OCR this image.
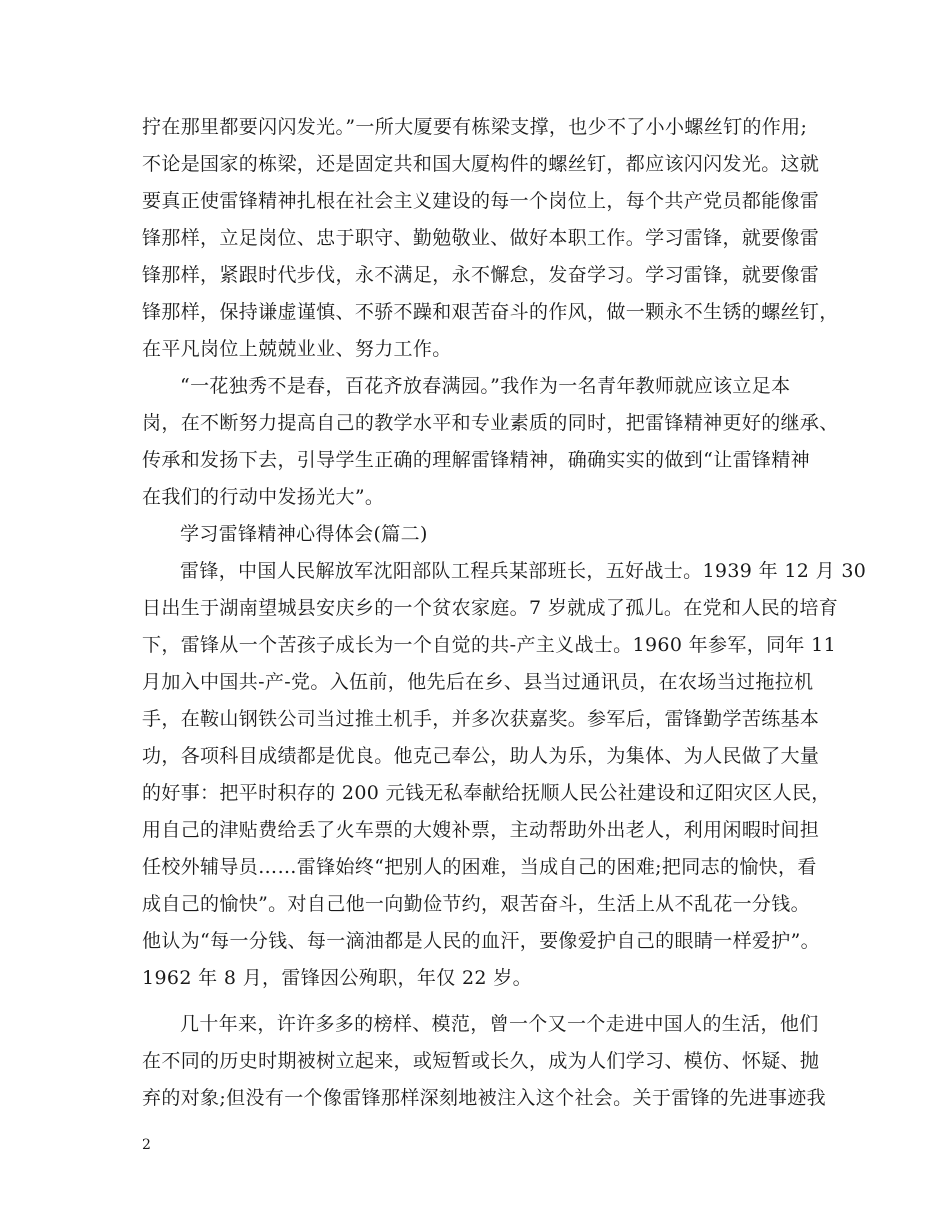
拧在那里都要闪闪发光。”一所大厦要有栋梁支撑，也少不了小小螺丝钉的作用;
不论是国家的栋梁，还是固定共和国大厦构件的螺丝钉，都应该闪闪发光。这就
要真正使雷锋精神扎根在社会主义建设的每一个岗位上，每个共产党员都能像雷
锋那样，立足岗位、忠于职守、勤勉敬业、做好本职工作。学习雷锋，就要像雷
锋那样，紧跟时代步伐，永不满足，永不懈怠，发奋学习。学习雷锋，就要像雷
锋那样，保持谦虚谨慎、不骄不躁和艰苦奋斗的作风，做一颗永不生锈的螺丝钉，
在平凡岗位上兢兢业业、努力工作。
“一花独秀不是春，百花齐放春满园。”我作为一名青年教师就应该立足本
岗，在不断努力提高自己的教学水平和专业素质的同时，把雷锋精神更好的继承、
传承和发扬下去，引导学生正确的理解雷锋精神，确确实实的做到“让雷锋精神
在我们的行动中发扬光大”。
学习雷锋精神心得体会(篇二)
雷锋，中国人民解放军沈阳部队工程兵某部班长，五好战士。1939 年 12 月 30
日出生于湖南望城县安庆乡的一个贫农家庭。7 岁就成了孤儿。在党和人民的培育
下，雷锋从一个苦孩子成长为一个自觉的共-产主义战士。1960 年参军，同年 11
月加入中国共-产-党。入伍前，他先后在乡、县当过通讯员，在农场当过拖拉机
手，在鞍山钢铁公司当过推土机手，并多次获嘉奖。参军后，雷锋勤学苦练基本
功，各项科目成绩都是优良。他克己奉公，助人为乐，为集体、为人民做了大量
的好事：把平时积存的 200 元钱无私奉献给抚顺人民公社建设和辽阳灾区人民，
用自己的津贴费给丢了火车票的大嫂补票，主动帮助外出老人，利用闲暇时间担
任校外辅导员……雷锋始终“把别人的困难，当成自己的困难;把同志的愉快，看
成自己的愉快”。对自己他一向勤俭节约，艰苦奋斗，生活上从不乱花一分钱。
他认为“每一分钱、每一滴油都是人民的血汗，要像爱护自己的眼睛一样爱护”。
1962 年 8 月，雷锋因公殉职，年仅 22 岁。
几十年来，许许多多的榜样、模范，曾一个又一个走进中国人的生活，他们
在不同的历史时期被树立起来，或短暂或长久，成为人们学习、模仿、怀疑、抛
弃的对象;但没有一个像雷锋那样深刻地被注入这个社会。关于雷锋的先进事迹我
2
